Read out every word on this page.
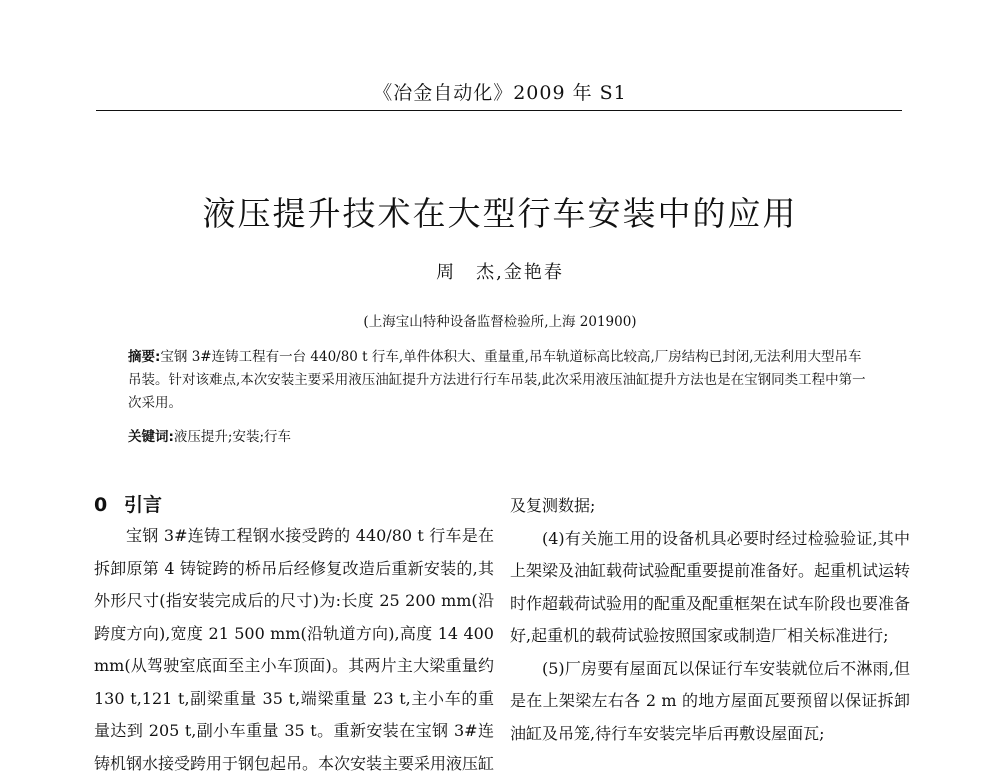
《冶金自动化》2009 年 S1
液压提升技术在大型行车安装中的应用
周　杰,金艳春
(上海宝山特种设备监督检验所,上海 201900)
摘要:宝钢 3#连铸工程有一台 440/80 t 行车,单件体积大、重量重,吊车轨道标高比较高,厂房结构已封闭,无法利用大型吊车吊装。针对该难点,本次安装主要采用液压油缸提升方法进行行车吊装,此次采用液压油缸提升方法也是在宝钢同类工程中第一次采用。
关键词:液压提升;安装;行车
0 引言

宝钢 3#连铸工程钢水接受跨的 440/80 t 行车是在拆卸原第 4 铸锭跨的桥吊后经修复改造后重新安装的,其外形尺寸(指安装完成后的尺寸)为:长度 25 200 mm(沿跨度方向),宽度 21 500 mm(沿轨道方向),高度 14 400 mm(从驾驶室底面至主小车顶面)。其两片主大梁重量约 130 t,121 t,副梁重量 35 t,端梁重量 23 t,主小车的重量达到 205 t,副小车重量 35 t。重新安装在宝钢 3#连铸机钢水接受跨用于钢包起吊。本次安装主要采用液压缸

及复测数据;

(4)有关施工用的设备机具必要时经过检验验证,其中上架梁及油缸载荷试验配重要提前准备好。起重机试运转时作超载荷试验用的配重及配重框架在试车阶段也要准备好,起重机的载荷试验按照国家或制造厂相关标准进行;

(5)厂房要有屋面瓦以保证行车安装就位后不淋雨,但是在上架梁左右各 2 m 的地方屋面瓦要预留以保证拆卸油缸及吊笼,待行车安装完毕后再敷设屋面瓦;
